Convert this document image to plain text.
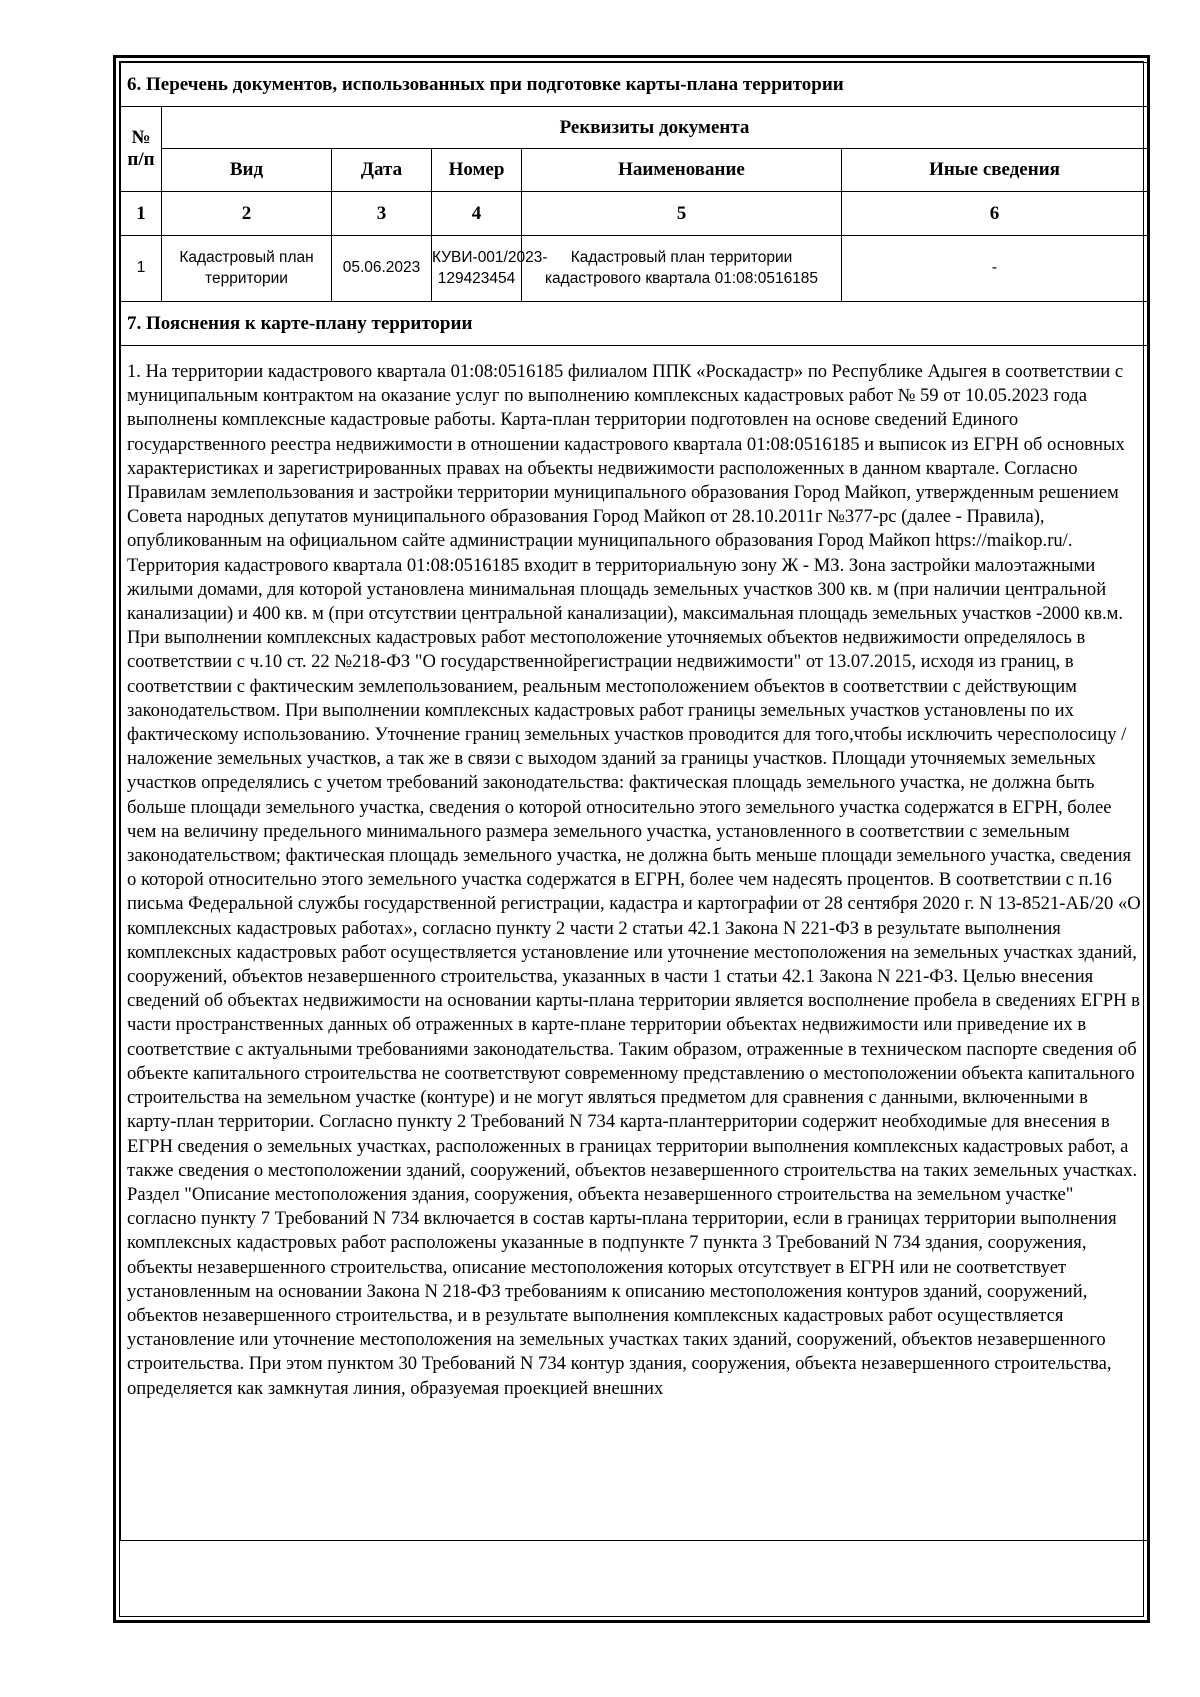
6. Перечень документов, использованных при подготовке карты-плана территории					
№ п/п	Реквизиты документа				
	Вид	Дата	Номер	Наименование	Иные сведения
1	2	3	4	5	6
1	Кадастровый план территории	05.06.2023	КУВИ-001/2023-129423454	Кадастровый план территории кадастрового квартала 01:08:0516185	-
7. Пояснения к карте-плану территории					
1. На территории кадастрового квартала 01:08:0516185 филиалом ППК «Роскадастр» по Республике Адыгея в соответствии с муниципальным контрактом на оказание услуг по выполнению комплексных кадастровых работ № 59 от 10.05.2023 года выполнены комплексные кадастровые работы. Карта-план территории подготовлен на основе сведений Единого государственного реестра недвижимости в отношении кадастрового квартала 01:08:0516185 и выписок из ЕГРН об основных характеристиках и зарегистрированных правах на объекты недвижимости расположенных в данном квартале. Согласно Правилам землепользования и застройки территории муниципального образования Город Майкоп, утвержденным решением Совета народных депутатов муниципального образования Город Майкоп от 28.10.2011г №377-рс (далее - Правила), опубликованным на официальном сайте администрации муниципального образования Город Майкоп https://maikop.ru/. Территория кадастрового квартала 01:08:0516185 входит в территориальную зону Ж - МЗ. Зона застройки малоэтажными жилыми домами, для которой установлена минимальная площадь земельных участков 300 кв. м (при наличии центральной канализации) и 400 кв. м (при отсутствии центральной канализации), максимальная площадь земельных участков -2000 кв.м. При выполнении комплексных кадастровых работ местоположение уточняемых объектов недвижимости определялось в соответствии с ч.10 ст. 22 №218-ФЗ "О государственнойрегистрации недвижимости" от 13.07.2015, исходя из границ, в соответствии с фактическим землепользованием, реальным местоположением объектов в соответствии с действующим законодательством. При выполнении комплексных кадастровых работ границы земельных участков установлены по их фактическому использованию. Уточнение границ земельных участков проводится для того,чтобы исключить чересполосицу /наложение земельных участков, а так же в связи с выходом зданий за границы участков. Площади уточняемых земельных участков определялись с учетом требований законодательства: фактическая площадь земельного участка, не должна быть больше площади земельного участка, сведения о которой относительно этого земельного участка содержатся в ЕГРН, более чем на величину предельного минимального размера земельного участка, установленного в соответствии с земельным законодательством; фактическая площадь земельного участка, не должна быть меньше площади земельного участка, сведения о которой относительно этого земельного участка содержатся в ЕГРН, более чем надесять процентов. В соответствии с п.16 письма Федеральной службы государственной регистрации, кадастра и картографии от 28 сентября 2020 г. N 13-8521-АБ/20 «О комплексных кадастровых работах», согласно пункту 2 части 2 статьи 42.1 Закона N 221-ФЗ в результате выполнения комплексных кадастровых работ осуществляется установление или уточнение местоположения на земельных участках зданий, сооружений, объектов незавершенного строительства, указанных в части 1 статьи 42.1 Закона N 221-ФЗ. Целью внесения сведений об объектах недвижимости на основании карты-плана территории является восполнение пробела в сведениях ЕГРН в части пространственных данных об отраженных в карте-плане территории объектах недвижимости или приведение их в соответствие с актуальными требованиями законодательства. Таким образом, отраженные в техническом паспорте сведения об объекте капитального строительства не соответствуют современному представлению о местоположении объекта капитального строительства на земельном участке (контуре) и не могут являться предметом для сравнения с данными, включенными в карту-план территории. Согласно пункту 2 Требований N 734 карта-плантерритории содержит необходимые для внесения в ЕГРН сведения о земельных участках, расположенных в границах территории выполнения комплексных кадастровых работ, а также сведения о местоположении зданий, сооружений, объектов незавершенного строительства на таких земельных участках. Раздел "Описание местоположения здания, сооружения, объекта незавершенного строительства на земельном участке" согласно пункту 7 Требований N 734 включается в состав карты-плана территории, если в границах территории выполнения комплексных кадастровых работ расположены указанные в подпункте 7 пункта 3 Требований N 734 здания, сооружения, объекты незавершенного строительства, описание местоположения которых отсутствует в ЕГРН или не соответствует установленным на основании Закона N 218-ФЗ требованиям к описанию местоположения контуров зданий, сооружений, объектов незавершенного строительства, и в результате выполнения комплексных кадастровых работ осуществляется установление или уточнение местоположения на земельных участках таких зданий, сооружений, объектов незавершенного строительства. При этом пунктом 30 Требований N 734 контур здания, сооружения, объекта незавершенного строительства, определяется как замкнутая линия, образуемая проекцией внешних					
